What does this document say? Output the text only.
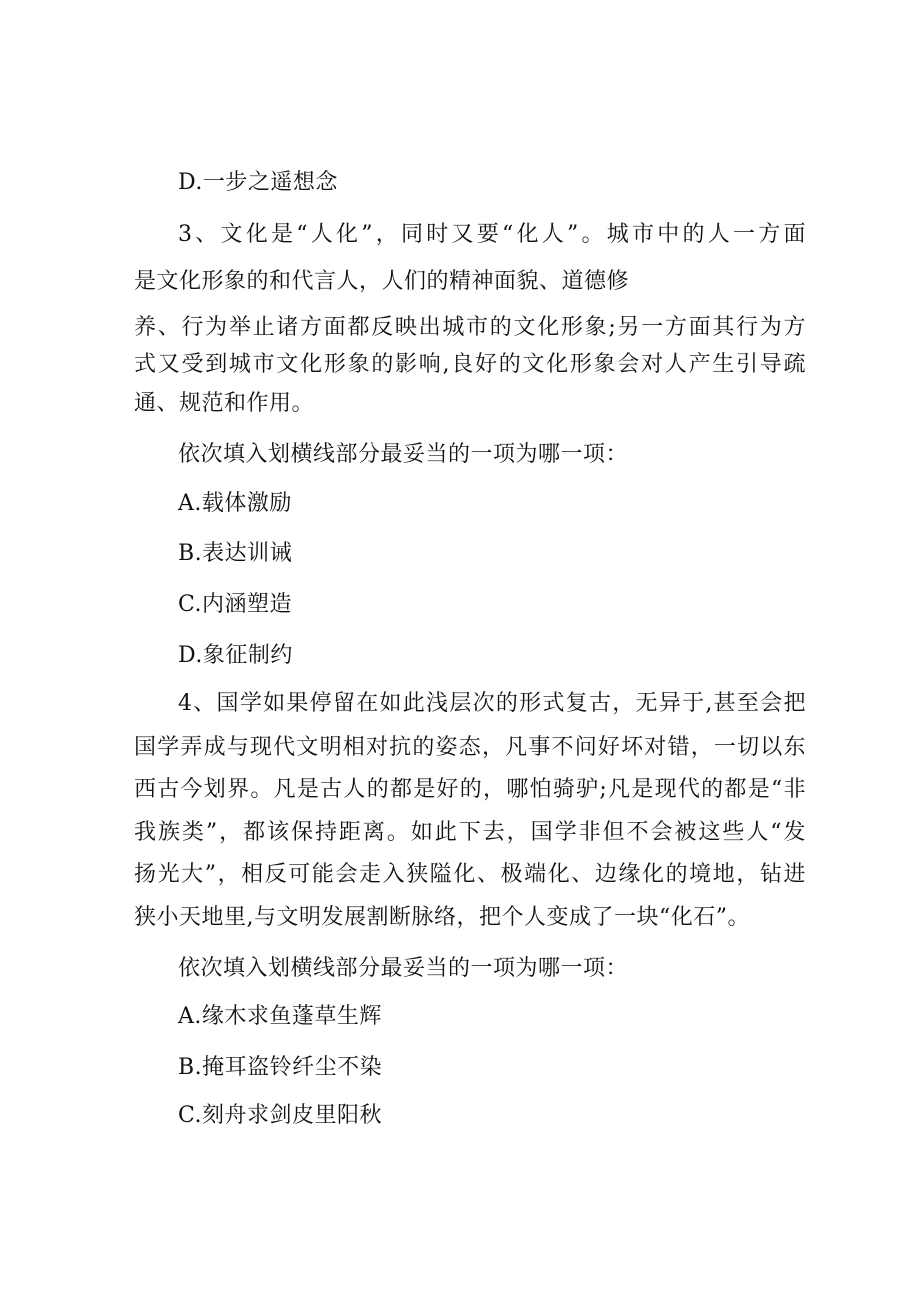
D.一步之遥想念
3、文化是“人化”，同时又要“化人”。城市中的人一方面
是文化形象的和代言人，人们的精神面貌、道德修
养、行为举止诸方面都反映出城市的文化形象;另一方面其行为方
式又受到城市文化形象的影响,良好的文化形象会对人产生引导疏
通、规范和作用。
依次填入划横线部分最妥当的一项为哪一项：
A.载体激励
B.表达训诫
C.内涵塑造
D.象征制约
4、国学如果停留在如此浅层次的形式复古，无异于,甚至会把
国学弄成与现代文明相对抗的姿态，凡事不问好坏对错，一切以东
西古今划界。凡是古人的都是好的，哪怕骑驴;凡是现代的都是“非
我族类”，都该保持距离。如此下去，国学非但不会被这些人“发
扬光大”，相反可能会走入狭隘化、极端化、边缘化的境地，钻进
狭小天地里,与文明发展割断脉络，把个人变成了一块“化石”。
依次填入划横线部分最妥当的一项为哪一项：
A.缘木求鱼蓬草生辉
B.掩耳盗铃纤尘不染
C.刻舟求剑皮里阳秋
